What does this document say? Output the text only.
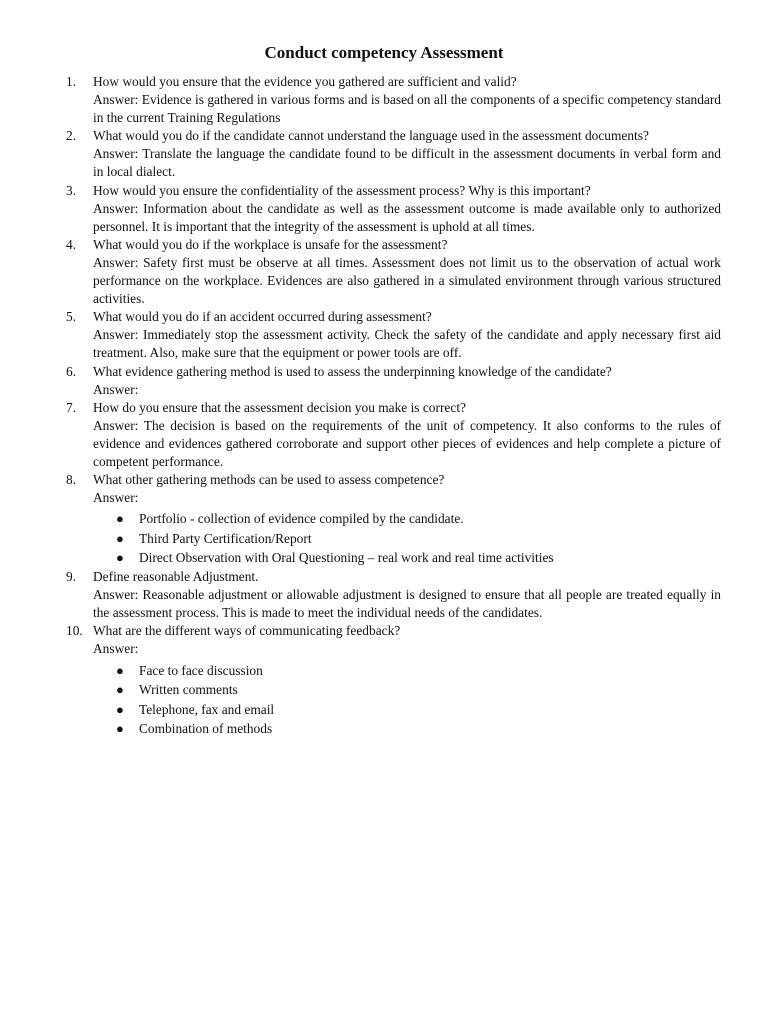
Conduct competency Assessment
1.	How would you ensure that the evidence you gathered are sufficient and valid?
Answer: Evidence is gathered in various forms and is based on all the components of a specific competency standard in the current Training Regulations
2.	What would you do if the candidate cannot understand the language used in the assessment documents?
Answer: Translate the language the candidate found to be difficult in the assessment documents in verbal form and in local dialect.
3.	How would you ensure the confidentiality of the assessment process? Why is this important?
Answer: Information about the candidate as well as the assessment outcome is made available only to authorized personnel. It is important that the integrity of the assessment is uphold at all times.
4.	What would you do if the workplace is unsafe for the assessment?
Answer: Safety first must be observe at all times. Assessment does not limit us to the observation of actual work performance on the workplace. Evidences are also gathered in a simulated environment through various structured activities.
5.	What would you do if an accident occurred during assessment?
Answer: Immediately stop the assessment activity. Check the safety of the candidate and apply necessary first aid treatment. Also, make sure that the equipment or power tools are off.
6.	What evidence gathering method is used to assess the underpinning knowledge of the candidate?
Answer:
7.	How do you ensure that the assessment decision you make is correct?
Answer: The decision is based on the requirements of the unit of competency. It also conforms to the rules of evidence and evidences gathered corroborate and support other pieces of evidences and help complete a picture of competent performance.
8.	What other gathering methods can be used to assess competence?
Answer:
● Portfolio - collection of evidence compiled by the candidate.
● Third Party Certification/Report
● Direct Observation with Oral Questioning – real work and real time activities
9.	Define reasonable Adjustment.
Answer: Reasonable adjustment or allowable adjustment is designed to ensure that all people are treated equally in the assessment process. This is made to meet the individual needs of the candidates.
10. What are the different ways of communicating feedback?
Answer:
● Face to face discussion
● Written comments
● Telephone, fax and email
● Combination of methods
